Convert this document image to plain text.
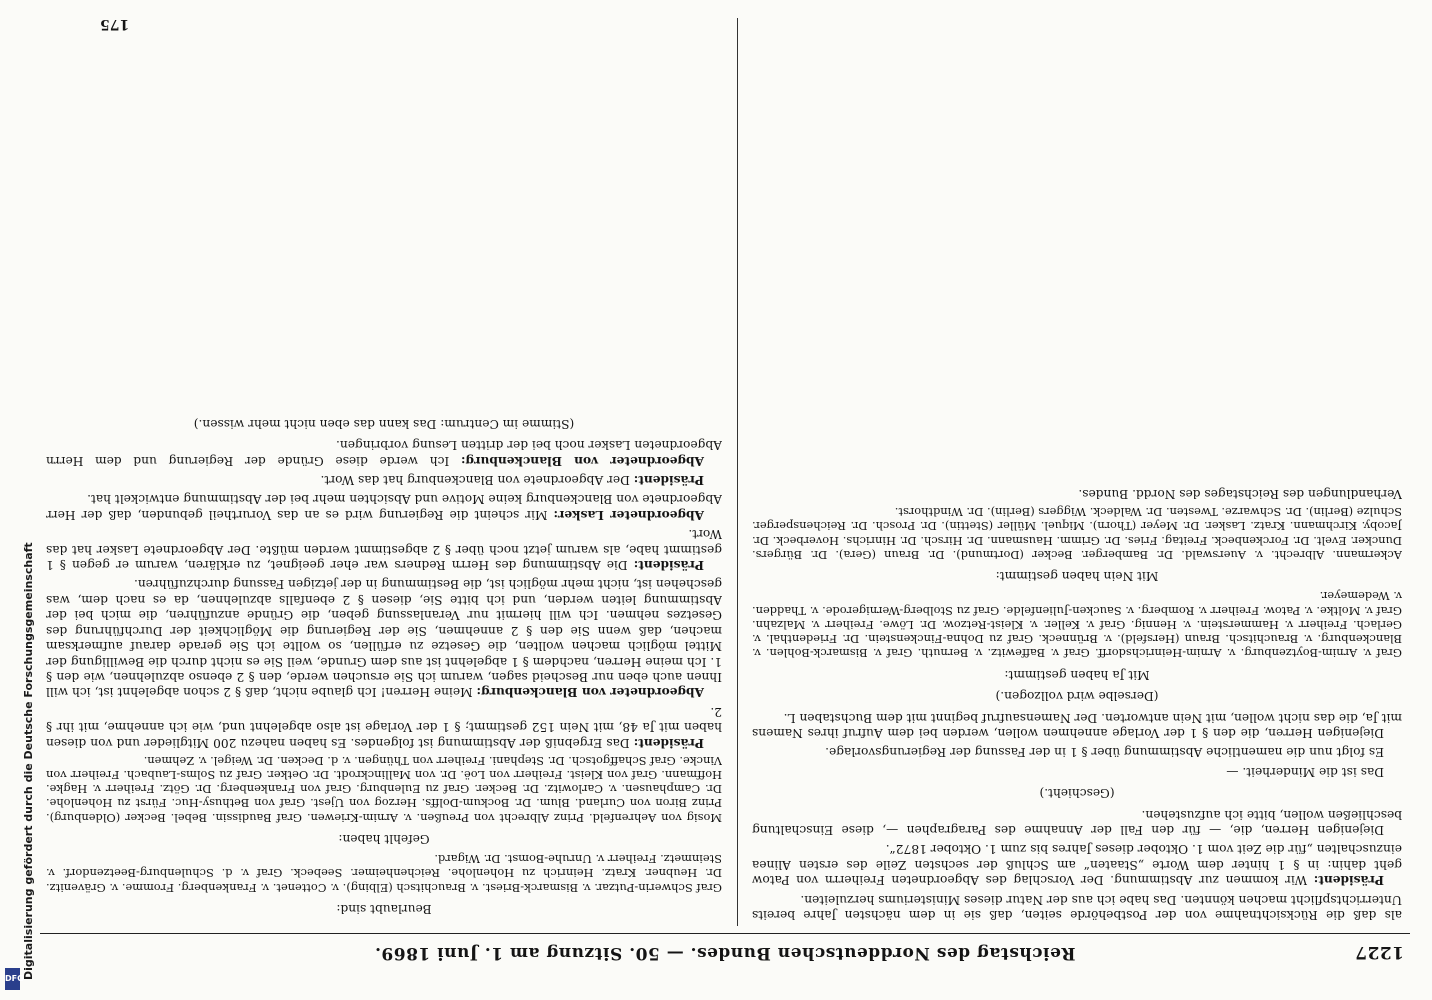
1227
Reichstag des Norddeutschen Bundes. — 50. Sitzung am 1. Juni 1869.

als daß die Rücksichtnahme von der Postbehörde seiten, daß sie in dem nächsten Jahre bereits Unterrichtspflicht machen könnten. Das habe ich aus der Natur dieses Ministeriums herzuleiten.

Präsident: Wir kommen zur Abstimmung. Der Vorschlag des Abgeordneten Freiherrn von Patow geht dahin: in § 1 hinter dem Worte „Staaten“ am Schluß der sechsten Zeile des ersten Alinea einzuschalten „für die Zeit vom 1. Oktober dieses Jahres bis zum 1. Oktober 1872“.

Diejenigen Herren, die, — für den Fall der Annahme des Paragraphen —, diese Einschaltung beschließen wollen, bitte ich aufzustehen.

(Geschieht.)

Das ist die Minderheit. —

Es folgt nun die namentliche Abstimmung über § 1 in der Fassung der Regierungsvorlage.

Diejenigen Herren, die den § 1 der Vorlage annehmen wollen, werden bei dem Aufruf ihres Namens mit Ja, die das nicht wollen, mit Nein antworten. Der Namensaufruf beginnt mit dem Buchstaben L.

(Derselbe wird vollzogen.)

Mit Ja haben gestimmt:

Graf v. Arnim-Boytzenburg. v. Arnim-Heinrichsdorff. Graf v. Baffewitz. v. Bernuth. Graf v. Bismarck-Bohlen. v. Blanckenburg. v. Brauchitsch. Braun (Hersfeld). v. Brünneck. Graf zu Dohna-Finckenstein. Dr. Friedenthal. v. Gerlach. Freiherr v. Hammerstein. v. Hennig. Graf v. Keller. v. Kleist-Retzow. Dr. Löwe. Freiherr v. Malzahn. Graf v. Moltke. v. Patow. Freiherr v. Romberg. v. Saucken-Julienfelde. Graf zu Stolberg-Wernigerode. v. Thadden. v. Wedemeyer.

Mit Nein haben gestimmt:

Ackermann. Albrecht. v. Auerswald. Dr. Bamberger. Becker (Dortmund). Dr. Braun (Gera). Dr. Bürgers. Duncker. Evelt. Dr. Forckenbeck. Freitag. Fries. Dr. Grimm. Hausmann. Dr. Hirsch. Dr. Hinrichs. Hoverbeck. Dr. Jacoby. Kirchmann. Kratz. Lasker. Dr. Meyer (Thorn). Miquel. Müller (Stettin). Dr. Prosch. Dr. Reichensperger. Schulze (Berlin). Dr. Schwarze. Twesten. Dr. Waldeck. Wiggers (Berlin). Dr. Windthorst.

Verhandlungen des Reichstages des Nordd. Bundes.

Beurlaubt sind:

Graf Schwerin-Putzar. v. Bismarck-Briest. v. Brauchitsch (Elbing). v. Cottenet. v. Frankenberg. Fromme. v. Grävenitz. Dr. Heubner. Kratz. Heinrich zu Hohenlohe. Reichenheimer. Seebeck. Graf v. d. Schulenburg-Beetzendorf. v. Steinmetz. Freiherr v. Unruhe-Bomst. Dr. Wigard.

Gefehlt haben:

Mosig von Aehrenfeld. Prinz Albrecht von Preußen. v. Arnim-Kriewen. Graf Baudissin. Bebel. Becker (Oldenburg). Prinz Biron von Curland. Blum. Dr. Bockum-Dolffs. Herzog von Ujest. Graf von Bethusy-Huc. Fürst zu Hohenlohe. Dr. Camphausen. v. Carlowitz. Dr. Becker. Graf zu Eulenburg. Graf von Frankenberg. Dr. Götz. Freiherr v. Hagke. Hoffmann. Graf von Kleist. Freiherr von Loë. Dr. von Mallinckrodt. Dr. Oetker. Graf zu Solms-Laubach. Freiherr von Vincke. Graf Schaffgotsch. Dr. Stephani. Freiherr von Thüngen. v. d. Decken. Dr. Weigel. v. Zehmen.

Präsident: Das Ergebniß der Abstimmung ist folgendes. Es haben nahezu 200 Mitglieder und von diesen haben mit Ja 48, mit Nein 152 gestimmt; § 1 der Vorlage ist also abgelehnt und, wie ich annehme, mit ihr § 2.

Abgeordneter von Blanckenburg: Meine Herren! Ich glaube nicht, daß § 2 schon abgelehnt ist, ich will Ihnen auch eben nur Bescheid sagen, warum ich Sie ersuchen werde, den § 2 ebenso abzulehnen, wie den § 1. Ich meine Herren, nachdem § 1 abgelehnt ist aus dem Grunde, weil Sie es nicht durch die Bewilligung der Mittel möglich machen wollten, die Gesetze zu erfüllen, so wollte ich Sie gerade darauf aufmerksam machen, daß wenn Sie den § 2 annehmen, Sie der Regierung die Möglichkeit der Durchführung des Gesetzes nehmen. Ich will hiermit nur Veranlassung geben, die Gründe anzuführen, die mich bei der Abstimmung leiten werden, und ich bitte Sie, diesen § 2 ebenfalls abzulehnen, da es nach dem, was geschehen ist, nicht mehr möglich ist, die Bestimmung in der jetzigen Fassung durchzuführen.

Präsident: Die Abstimmung des Herrn Redners war eher geeignet, zu erklären, warum er gegen § 1 gestimmt habe, als warum jetzt noch über § 2 abgestimmt werden müßte. Der Abgeordnete Lasker hat das Wort.

Abgeordneter Lasker: Mir scheint die Regierung wird es an das Vorurtheil gebunden, daß der Herr Abgeordnete von Blanckenburg keine Motive und Absichten mehr bei der Abstimmung entwickelt hat.

Präsident: Der Abgeordnete von Blanckenburg hat das Wort.

Abgeordneter von Blanckenburg: Ich werde diese Gründe der Regierung und dem Herrn Abgeordneten Lasker noch bei der dritten Lesung vorbringen.

(Stimme im Centrum: Das kann das eben nicht mehr wissen.)

175
Digitalisierung gefördert durch die Deutsche Forschungsgemeinschaft
DFG
